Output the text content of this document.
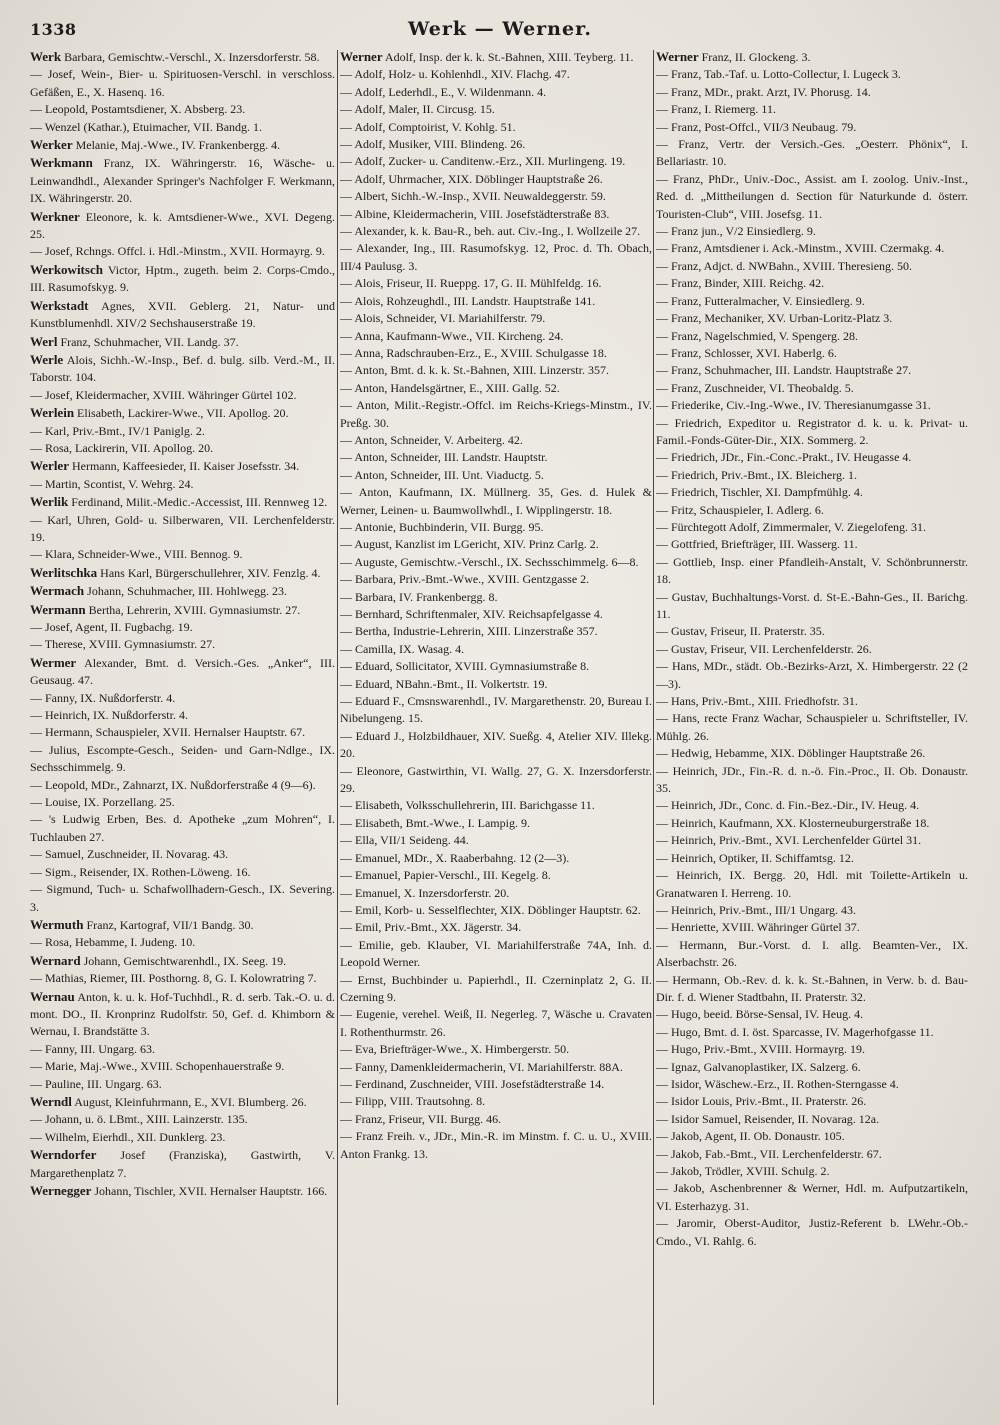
1338	Werk — Werner.

Werk Barbara, Gemischtw.-Verschl., X. Inzersdorferstr. 58.

— Josef, Wein-, Bier- u. Spirituosen-Verschl. in verschloss. Gefäßen, E., X. Hasenq. 16.

— Leopold, Postamtsdiener, X. Absberg. 23.

— Wenzel (Kathar.), Etuimacher, VII. Bandg. 1.

Werker Melanie, Maj.-Wwe., IV. Frankenbergg. 4.

Werkmann Franz, IX. Währingerstr. 16, Wäsche- u. Leinwandhdl., Alexander Springer's Nachfolger F. Werkmann, IX. Währingerstr. 20.

Werkner Eleonore, k. k. Amtsdiener-Wwe., XVI. Degeng. 25.

— Josef, Rchngs. Offcl. i. Hdl.-Minstm., XVII. Hormayrg. 9.

Werkowitsch Victor, Hptm., zugeth. beim 2. Corps-Cmdo., III. Rasumofskyg. 9.

Werkstadt Agnes, XVII. Geblerg. 21, Natur- und Kunstblumenhdl. XIV/2 Sechshauserstraße 19.

Werl Franz, Schuhmacher, VII. Landg. 37.

Werle Alois, Sichh.-W.-Insp., Bef. d. bulg. silb. Verd.-M., II. Taborstr. 104.

— Josef, Kleidermacher, XVIII. Währinger Gürtel 102.

Werlein Elisabeth, Lackirer-Wwe., VII. Apollog. 20.

— Karl, Priv.-Bmt., IV/1 Paniglg. 2.

— Rosa, Lackirerin, VII. Apollog. 20.

Werler Hermann, Kaffeesieder, II. Kaiser Josefsstr. 34.

— Martin, Scontist, V. Wehrg. 24.

Werlik Ferdinand, Milit.-Medic.-Accessist, III. Rennweg 12.

— Karl, Uhren, Gold- u. Silberwaren, VII. Lerchenfelderstr. 19.

— Klara, Schneider-Wwe., VIII. Bennog. 9.

Werlitschka Hans Karl, Bürgerschullehrer, XIV. Fenzlg. 4.

Wermach Johann, Schuhmacher, III. Hohlwegg. 23.

Wermann Bertha, Lehrerin, XVIII. Gymnasiumstr. 27.

— Josef, Agent, II. Fugbachg. 19.

— Therese, XVIII. Gymnasiumstr. 27.

Wermer Alexander, Bmt. d. Versich.-Ges. „Anker“, III. Geusaug. 47.

— Fanny, IX. Nußdorferstr. 4.

— Heinrich, IX. Nußdorferstr. 4.

— Hermann, Schauspieler, XVII. Hernalser Hauptstr. 67.

— Julius, Escompte-Gesch., Seiden- und Garn-Ndlge., IX. Sechsschimmelg. 9.

— Leopold, MDr., Zahnarzt, IX. Nußdorferstraße 4 (9—6).

— Louise, IX. Porzellang. 25.

— 's Ludwig Erben, Bes. d. Apotheke „zum Mohren“, I. Tuchlauben 27.

— Samuel, Zuschneider, II. Novarag. 43.

— Sigm., Reisender, IX. Rothen-Löweng. 16.

— Sigmund, Tuch- u. Schafwollhadern-Gesch., IX. Severing. 3.

Wermuth Franz, Kartograf, VII/1 Bandg. 30.

— Rosa, Hebamme, I. Judeng. 10.

Wernard Johann, Gemischtwarenhdl., IX. Seeg. 19.

— Mathias, Riemer, III. Posthorng. 8, G. I. Kolowratring 7.

Wernau Anton, k. u. k. Hof-Tuchhdl., R. d. serb. Tak.-O. u. d. mont. DO., II. Kronprinz Rudolfstr. 50, Gef. d. Khimborn & Wernau, I. Brandstätte 3.

— Fanny, III. Ungarg. 63.

— Marie, Maj.-Wwe., XVIII. Schopenhauerstraße 9.

— Pauline, III. Ungarg. 63.

Werndl August, Kleinfuhrmann, E., XVI. Blumberg. 26.

— Johann, u. ö. LBmt., XIII. Lainzerstr. 135.

— Wilhelm, Eierhdl., XII. Dunklerg. 23.

Werndorfer Josef (Franziska), Gastwirth, V. Margarethenplatz 7.

Wernegger Johann, Tischler, XVII. Hernalser Hauptstr. 166.

Werner Adolf, Insp. der k. k. St.-Bahnen, XIII. Teyberg. 11.

— Adolf, Holz- u. Kohlenhdl., XIV. Flachg. 47.

— Adolf, Lederhdl., E., V. Wildenmann. 4.

— Adolf, Maler, II. Circusg. 15.

— Adolf, Comptoirist, V. Kohlg. 51.

— Adolf, Musiker, VIII. Blindeng. 26.

— Adolf, Zucker- u. Canditenw.-Erz., XII. Murlingeng. 19.

— Adolf, Uhrmacher, XIX. Döblinger Hauptstraße 26.

— Albert, Sichh.-W.-Insp., XVII. Neuwaldeggerstr. 59.

— Albine, Kleidermacherin, VIII. Josefstädterstraße 83.

— Alexander, k. k. Bau-R., beh. aut. Civ.-Ing., I. Wollzeile 27.

— Alexander, Ing., III. Rasumofskyg. 12, Proc. d. Th. Obach, III/4 Paulusg. 3.

— Alois, Friseur, II. Rueppg. 17, G. II. Mühlfeldg. 16.

— Alois, Rohzeughdl., III. Landstr. Hauptstraße 141.

— Alois, Schneider, VI. Mariahilferstr. 79.

— Anna, Kaufmann-Wwe., VII. Kircheng. 24.

— Anna, Radschrauben-Erz., E., XVIII. Schulgasse 18.

— Anton, Bmt. d. k. k. St.-Bahnen, XIII. Linzerstr. 357.

— Anton, Handelsgärtner, E., XIII. Gallg. 52.

— Anton, Milit.-Registr.-Offcl. im Reichs-Kriegs-Minstm., IV. Preßg. 30.

— Anton, Schneider, V. Arbeiterg. 42.

— Anton, Schneider, III. Landstr. Hauptstr.

— Anton, Schneider, III. Unt. Viaductg. 5.

— Anton, Kaufmann, IX. Müllnerg. 35, Ges. d. Hulek & Werner, Leinen- u. Baumwollwhdl., I. Wipplingerstr. 18.

— Antonie, Buchbinderin, VII. Burgg. 95.

— August, Kanzlist im LGericht, XIV. Prinz Carlg. 2.

— Auguste, Gemischtw.-Verschl., IX. Sechsschimmelg. 6—8.

— Barbara, Priv.-Bmt.-Wwe., XVIII. Gentzgasse 2.

— Barbara, IV. Frankenbergg. 8.

— Bernhard, Schriftenmaler, XIV. Reichsapfelgasse 4.

— Bertha, Industrie-Lehrerin, XIII. Linzerstraße 357.

— Camilla, IX. Wasag. 4.

— Eduard, Sollicitator, XVIII. Gymnasiumstraße 8.

— Eduard, NBahn.-Bmt., II. Volkertstr. 19.

— Eduard F., Cmsnswarenhdl., IV. Margarethenstr. 20, Bureau I. Nibelungeng. 15.

— Eduard J., Holzbildhauer, XIV. Sueßg. 4, Atelier XIV. Illekg. 20.

— Eleonore, Gastwirthin, VI. Wallg. 27, G. X. Inzersdorferstr. 29.

— Elisabeth, Volksschullehrerin, III. Barichgasse 11.

— Elisabeth, Bmt.-Wwe., I. Lampig. 9.

— Ella, VII/1 Seideng. 44.

— Emanuel, MDr., X. Raaberbahng. 12 (2—3).

— Emanuel, Papier-Verschl., III. Kegelg. 8.

— Emanuel, X. Inzersdorferstr. 20.

— Emil, Korb- u. Sesselflechter, XIX. Döblinger Hauptstr. 62.

— Emil, Priv.-Bmt., XX. Jägerstr. 34.

— Emilie, geb. Klauber, VI. Mariahilferstraße 74A, Inh. d. Leopold Werner.

— Ernst, Buchbinder u. Papierhdl., II. Czerninplatz 2, G. II. Czerning 9.

— Eugenie, verehel. Weiß, II. Negerleg. 7, Wäsche u. Cravaten I. Rothenthurmstr. 26.

— Eva, Briefträger-Wwe., X. Himbergerstr. 50.

— Fanny, Damenkleidermacherin, VI. Mariahilferstr. 88A.

— Ferdinand, Zuschneider, VIII. Josefstädterstraße 14.

— Filipp, VIII. Trautsohng. 8.

— Franz, Friseur, VII. Burgg. 46.

— Franz Freih. v., JDr., Min.-R. im Minstm. f. C. u. U., XVIII. Anton Frankg. 13.

Werner Franz, II. Glockeng. 3.

— Franz, Tab.-Taf. u. Lotto-Collectur, I. Lugeck 3.

— Franz, MDr., prakt. Arzt, IV. Phorusg. 14.

— Franz, I. Riemerg. 11.

— Franz, Post-Offcl., VII/3 Neubaug. 79.

— Franz, Vertr. der Versich.-Ges. „Oesterr. Phönix“, I. Bellariastr. 10.

— Franz, PhDr., Univ.-Doc., Assist. am I. zoolog. Univ.-Inst., Red. d. „Mittheilungen d. Section für Naturkunde d. österr. Touristen-Club“, VIII. Josefsg. 11.

— Franz jun., V/2 Einsiedlerg. 9.

— Franz, Amtsdiener i. Ack.-Minstm., XVIII. Czermakg. 4.

— Franz, Adjct. d. NWBahn., XVIII. Theresieng. 50.

— Franz, Binder, XIII. Reichg. 42.

— Franz, Futteralmacher, V. Einsiedlerg. 9.

— Franz, Mechaniker, XV. Urban-Loritz-Platz 3.

— Franz, Nagelschmied, V. Spengerg. 28.

— Franz, Schlosser, XVI. Haberlg. 6.

— Franz, Schuhmacher, III. Landstr. Hauptstraße 27.

— Franz, Zuschneider, VI. Theobaldg. 5.

— Friederike, Civ.-Ing.-Wwe., IV. Theresianumgasse 31.

— Friedrich, Expeditor u. Registrator d. k. u. k. Privat- u. Famil.-Fonds-Güter-Dir., XIX. Sommerg. 2.

— Friedrich, JDr., Fin.-Conc.-Prakt., IV. Heugasse 4.

— Friedrich, Priv.-Bmt., IX. Bleicherg. 1.

— Friedrich, Tischler, XI. Dampfmühlg. 4.

— Fritz, Schauspieler, I. Adlerg. 6.

— Fürchtegott Adolf, Zimmermaler, V. Ziegelofeng. 31.

— Gottfried, Briefträger, III. Wasserg. 11.

— Gottlieb, Insp. einer Pfandleih-Anstalt, V. Schönbrunnerstr. 18.

— Gustav, Buchhaltungs-Vorst. d. St-E.-Bahn-Ges., II. Barichg. 11.

— Gustav, Friseur, II. Praterstr. 35.

— Gustav, Friseur, VII. Lerchenfelderstr. 26.

— Hans, MDr., städt. Ob.-Bezirks-Arzt, X. Himbergerstr. 22 (2—3).

— Hans, Priv.-Bmt., XIII. Friedhofstr. 31.

— Hans, recte Franz Wachar, Schauspieler u. Schriftsteller, IV. Mühlg. 26.

— Hedwig, Hebamme, XIX. Döblinger Hauptstraße 26.

— Heinrich, JDr., Fin.-R. d. n.-ö. Fin.-Proc., II. Ob. Donaustr. 35.

— Heinrich, JDr., Conc. d. Fin.-Bez.-Dir., IV. Heug. 4.

— Heinrich, Kaufmann, XX. Klosterneuburgerstraße 18.

— Heinrich, Priv.-Bmt., XVI. Lerchenfelder Gürtel 31.

— Heinrich, Optiker, II. Schiffamtsg. 12.

— Heinrich, IX. Bergg. 20, Hdl. mit Toilette-Artikeln u. Granatwaren I. Herreng. 10.

— Heinrich, Priv.-Bmt., III/1 Ungarg. 43.

— Henriette, XVIII. Währinger Gürtel 37.

— Hermann, Bur.-Vorst. d. I. allg. Beamten-Ver., IX. Alserbachstr. 26.

— Hermann, Ob.-Rev. d. k. k. St.-Bahnen, in Verw. b. d. Bau-Dir. f. d. Wiener Stadtbahn, II. Praterstr. 32.

— Hugo, beeid. Börse-Sensal, IV. Heug. 4.

— Hugo, Bmt. d. I. öst. Sparcasse, IV. Magerhofgasse 11.

— Hugo, Priv.-Bmt., XVIII. Hormayrg. 19.

— Ignaz, Galvanoplastiker, IX. Salzerg. 6.

— Isidor, Wäschew.-Erz., II. Rothen-Sterngasse 4.

— Isidor Louis, Priv.-Bmt., II. Praterstr. 26.

— Isidor Samuel, Reisender, II. Novarag. 12a.

— Jakob, Agent, II. Ob. Donaustr. 105.

— Jakob, Fab.-Bmt., VII. Lerchenfelderstr. 67.

— Jakob, Trödler, XVIII. Schulg. 2.

— Jakob, Aschenbrenner & Werner, Hdl. m. Aufputzartikeln, VI. Esterhazyg. 31.

— Jaromir, Oberst-Auditor, Justiz-Referent b. LWehr.-Ob.-Cmdo., VI. Rahlg. 6.
